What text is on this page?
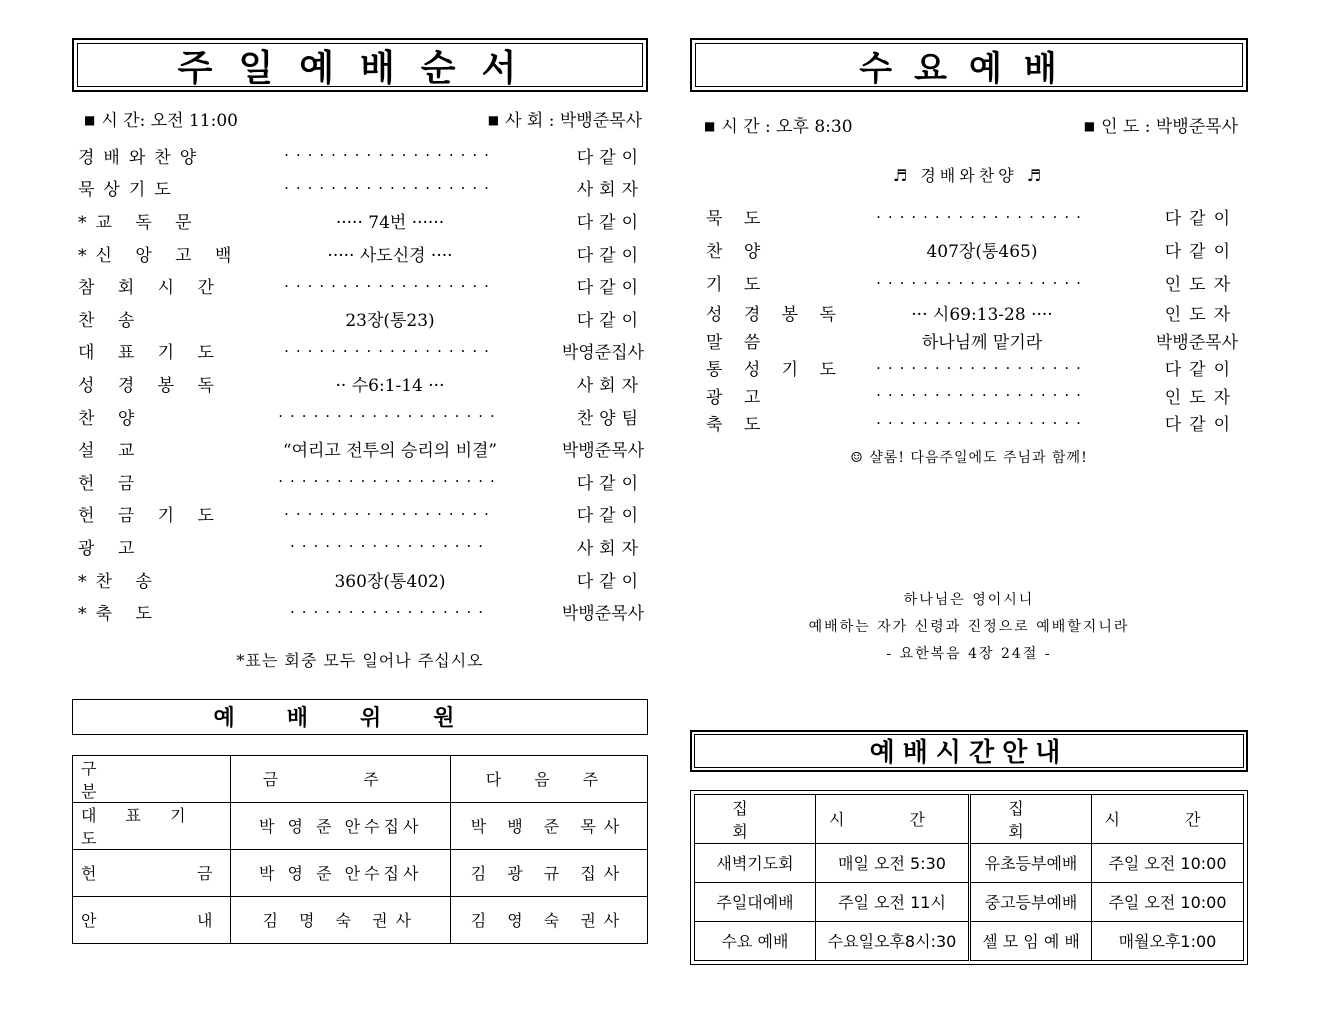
주일예배순서
■ 시 간: 오전 11:00	■ 사 회 : 박뱅준목사
경배와찬양	··················	다같이
묵상기도	··················	사회자
*교 독 문	····· 74번 ······	다같이
*신 앙 고 백	····· 사도신경 ····	다같이
참 회 시 간	··················	다같이
찬 송	23장(통23)	다같이
대 표 기 도	··················	박영준집사
성 경 봉 독	·· 수6:1-14 ···	사회자
찬 양	···················	찬양팀
설 교	“여리고 전투의 승리의 비결”	박뱅준목사
헌 금	···················	다같이
헌 금 기 도	··················	다같이
광 고	·················	사회자
*찬 송	360장(통402)	다같이
*축 도	·················	박뱅준목사
*표는 회중 모두 일어나 주십시오
예배위원
구 분	금 주	다 음 주
대 표 기 도	박 영 준 안수집사	박 뱅 준 목사
헌      금	박 영 준 안수집사	김 광 규 집사
안      내	김 명 숙 권사	김 영 숙 권사
수요예배
■ 시 간 : 오후 8:30	■ 인 도 : 박뱅준목사
♬ 경배와찬양 ♬
묵 도	··················	다같이
찬 양	407장(통465)	다같이
기 도	··················	인도자
성 경 봉 독	··· 시69:13-28 ····	인도자
말 씀	하나님께 맡기라	박뱅준목사
통 성 기 도	··················	다같이
광 고	··················	인도자
축 도	··················	다같이
☺ 샬롬! 다음주일에도 주님과 함께!
하나님은 영이시니
예배하는 자가 신령과 진정으로 예배할지니라
- 요한복음 4장 24절 -
예배시간안내
집 회	시 간	집 회	시 간
새벽기도회	매일 오전 5:30	유초등부예배	주일 오전 10:00
주일대예배	주일 오전 11시	중고등부예배	주일 오전 10:00
수요 예배	수요일오후8시:30	셀 모 임 예 배	매월오후1:00
